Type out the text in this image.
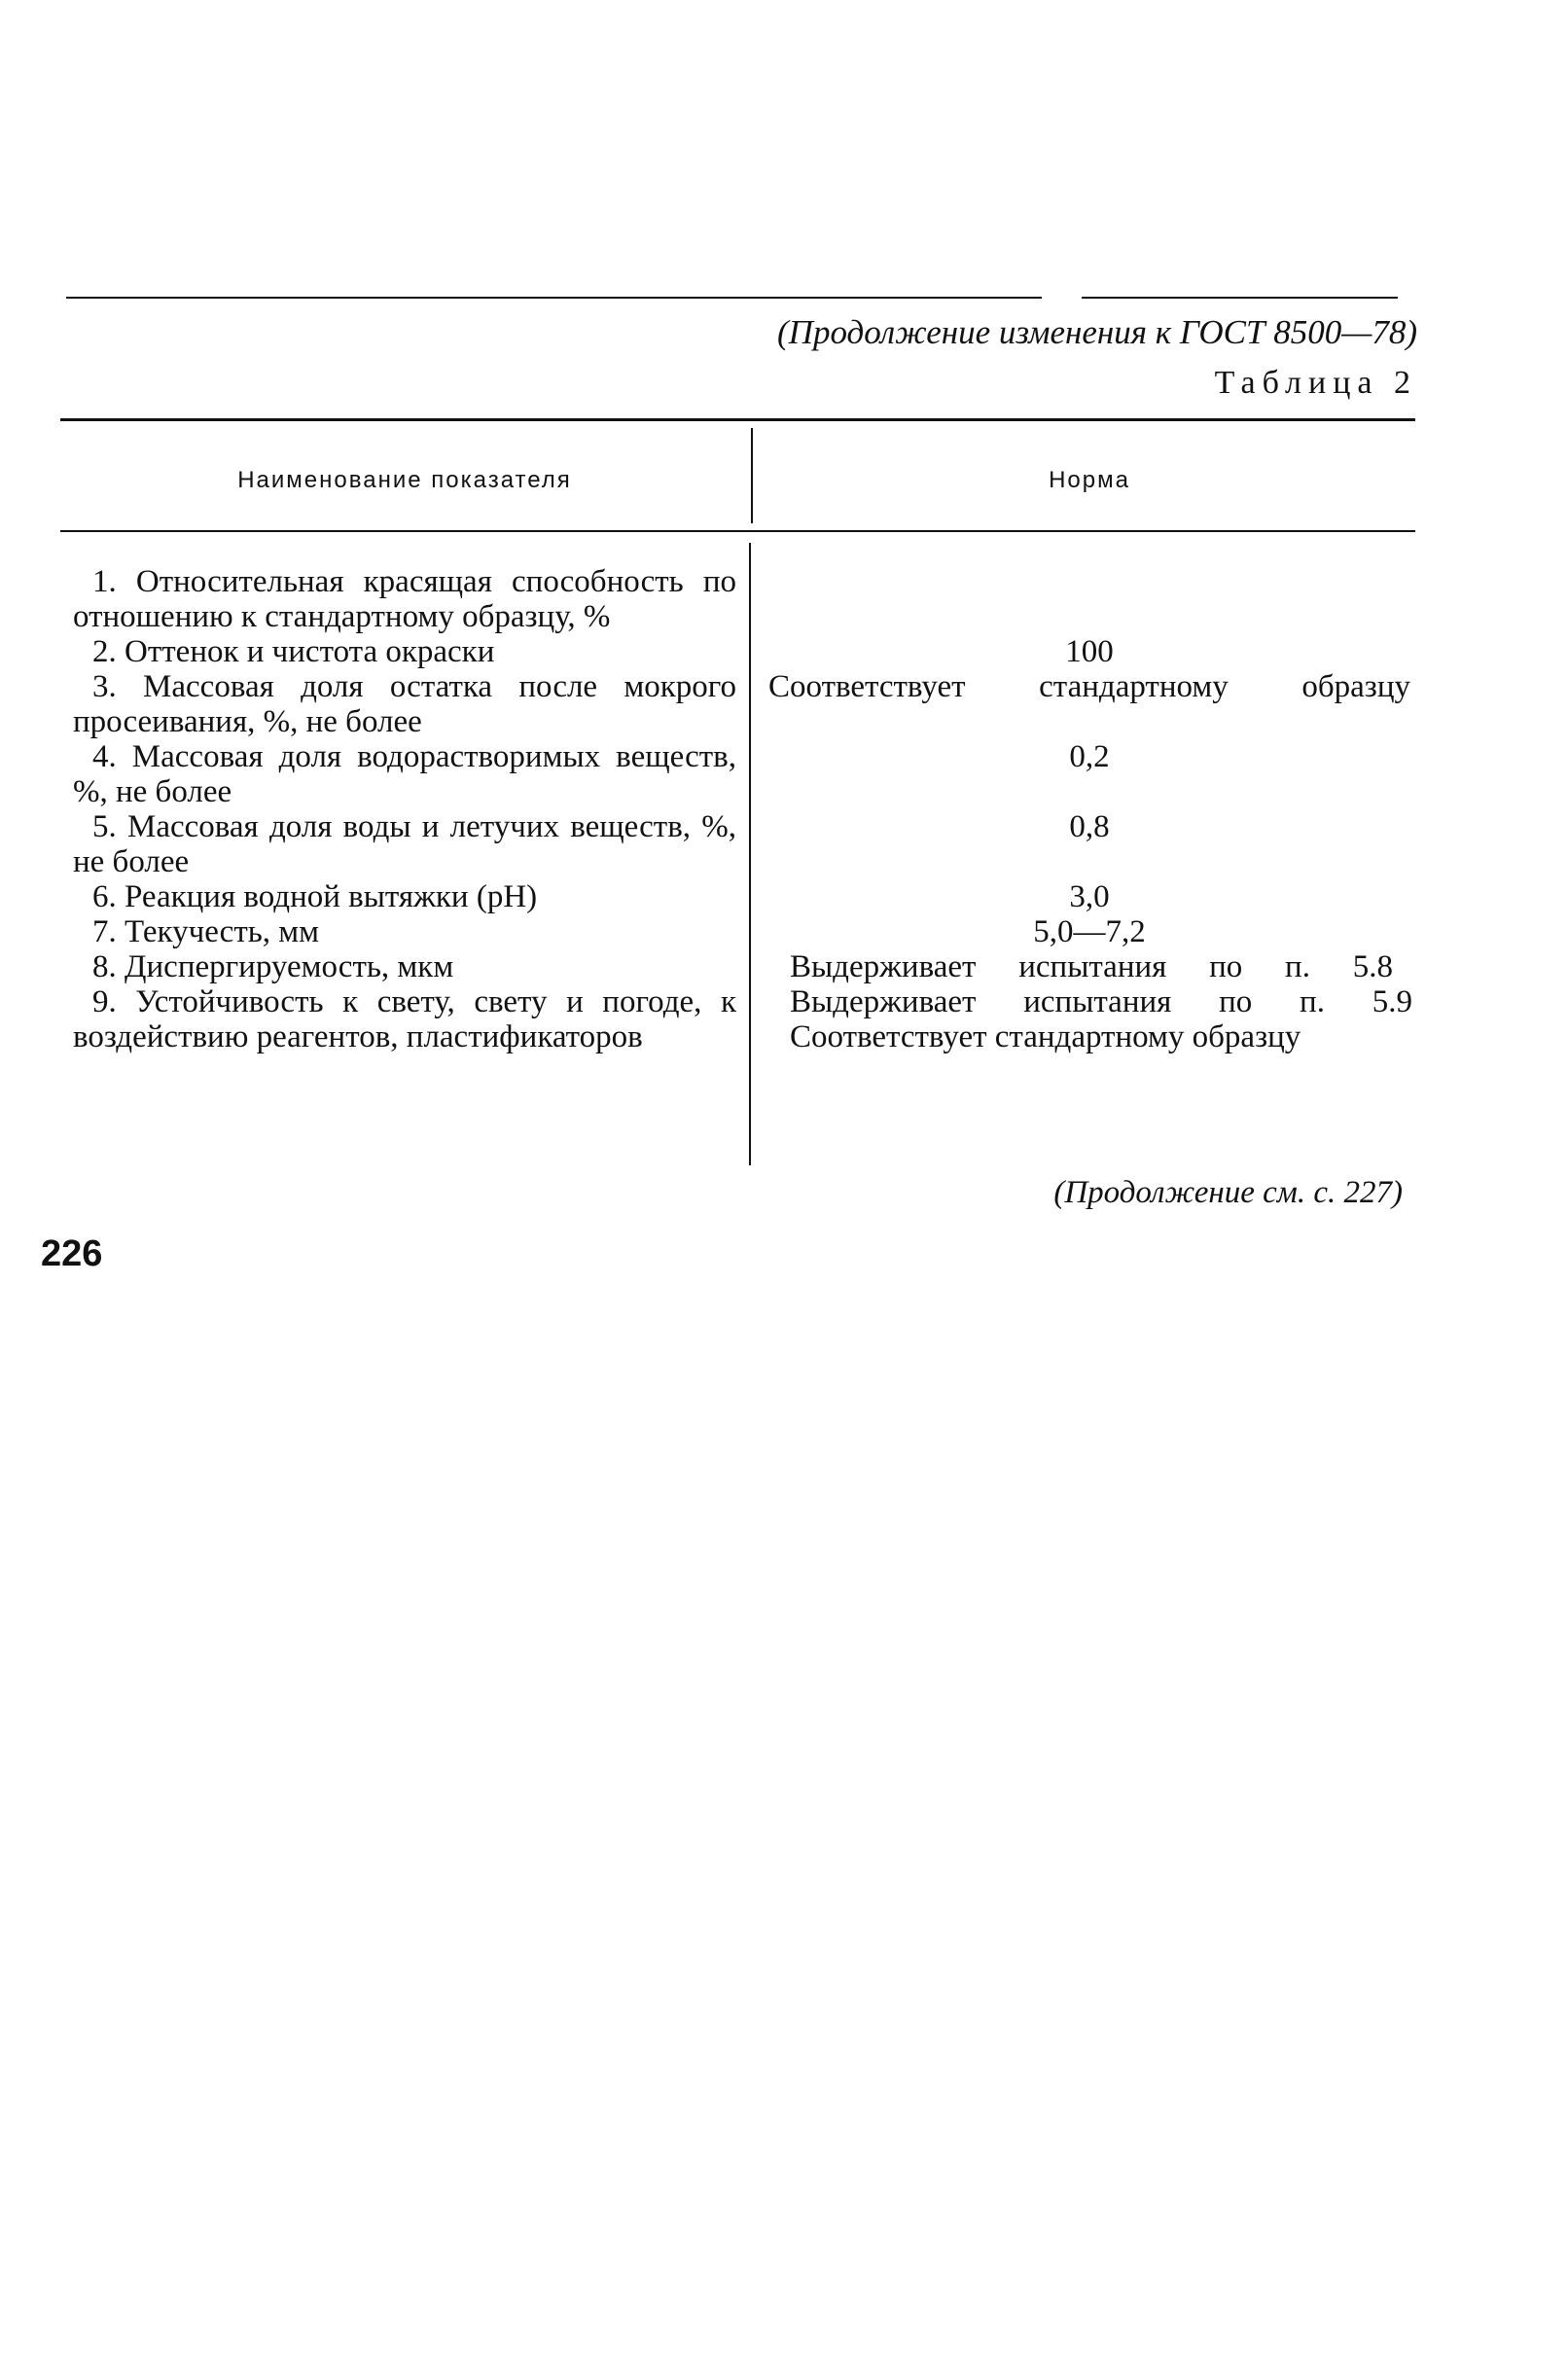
(Продолжение изменения к ГОСТ 8500—78)
Таблица 2
Наименование показателя	Норма

1. Относительная красящая способность по отношению к стандартному образцу, %

2. Оттенок и чистота окраски

3. Массовая доля остатка после мокрого просеивания, %, не более

4. Массовая доля водорастворимых веществ, %, не более

5. Массовая доля воды и летучих веществ, %, не более

6. Реакция водной вытяжки (pH)

7. Текучесть, мм

8. Диспергируемость, мкм

9. Устойчивость к свету, свету и погоде, к воздействию реагентов, пластификаторов

100
Соответствует стандартному образцу
0,2
0,8
3,0
5,0—7,2
Выдерживает испытания по п. 5.8
Выдерживает испытания по п. 5.9
Соответствует стандартному образцу
(Продолжение см. с. 227)
226
